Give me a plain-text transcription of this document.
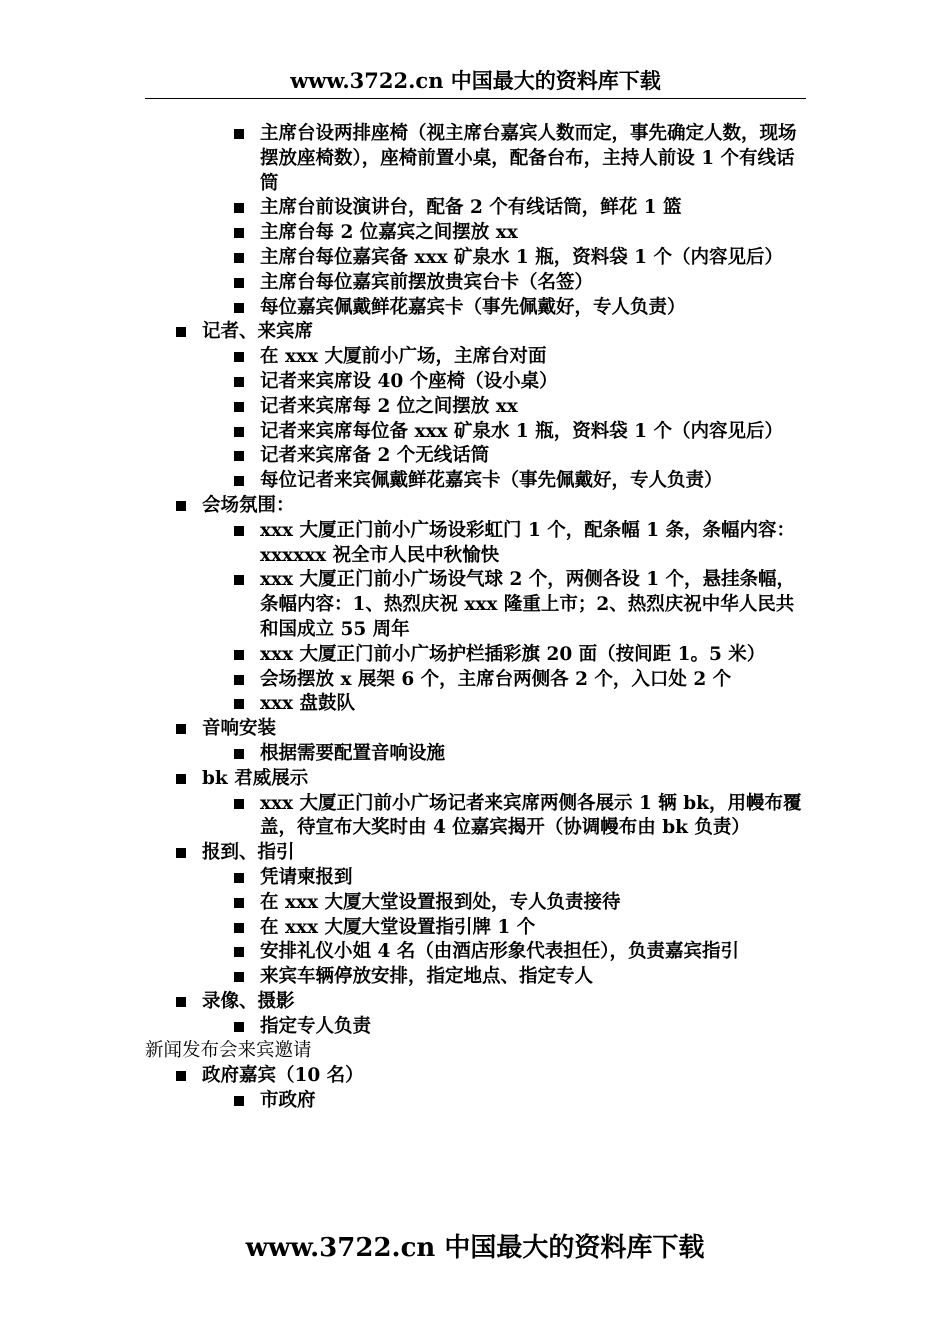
www.3722.cn 中国最大的资料库下载
主席台设两排座椅（视主席台嘉宾人数而定，事先确定人数，现场摆放座椅数），座椅前置小桌，配备台布，主持人前设 1 个有线话筒
主席台前设演讲台，配备 2 个有线话筒，鲜花 1 篮
主席台每 2 位嘉宾之间摆放 xx
主席台每位嘉宾备 xxx 矿泉水 1 瓶，资料袋 1 个（内容见后）
主席台每位嘉宾前摆放贵宾台卡（名签）
每位嘉宾佩戴鲜花嘉宾卡（事先佩戴好，专人负责）
记者、来宾席
在 xxx 大厦前小广场，主席台对面
记者来宾席设 40 个座椅（设小桌）
记者来宾席每 2 位之间摆放 xx
记者来宾席每位备 xxx 矿泉水 1 瓶，资料袋 1 个（内容见后）
记者来宾席备 2 个无线话筒
每位记者来宾佩戴鲜花嘉宾卡（事先佩戴好，专人负责）
会场氛围：
xxx 大厦正门前小广场设彩虹门 1 个，配条幅 1 条，条幅内容：xxxxxx 祝全市人民中秋愉快
xxx 大厦正门前小广场设气球 2 个，两侧各设 1 个，悬挂条幅，条幅内容：1、热烈庆祝 xxx 隆重上市；2、热烈庆祝中华人民共和国成立 55 周年
xxx 大厦正门前小广场护栏插彩旗 20 面（按间距 1。5 米）
会场摆放 x 展架 6 个，主席台两侧各 2 个，入口处 2 个
xxx 盘鼓队
音响安装
根据需要配置音响设施
bk 君威展示
xxx 大厦正门前小广场记者来宾席两侧各展示 1 辆 bk，用幔布覆盖，待宣布大奖时由 4 位嘉宾揭开（协调幔布由 bk 负责）
报到、指引
凭请柬报到
在 xxx 大厦大堂设置报到处，专人负责接待
在 xxx 大厦大堂设置指引牌 1 个
安排礼仪小姐 4 名（由酒店形象代表担任），负责嘉宾指引
来宾车辆停放安排，指定地点、指定专人
录像、摄影
指定专人负责
新闻发布会来宾邀请
政府嘉宾（10 名）
市政府
www.3722.cn 中国最大的资料库下载
